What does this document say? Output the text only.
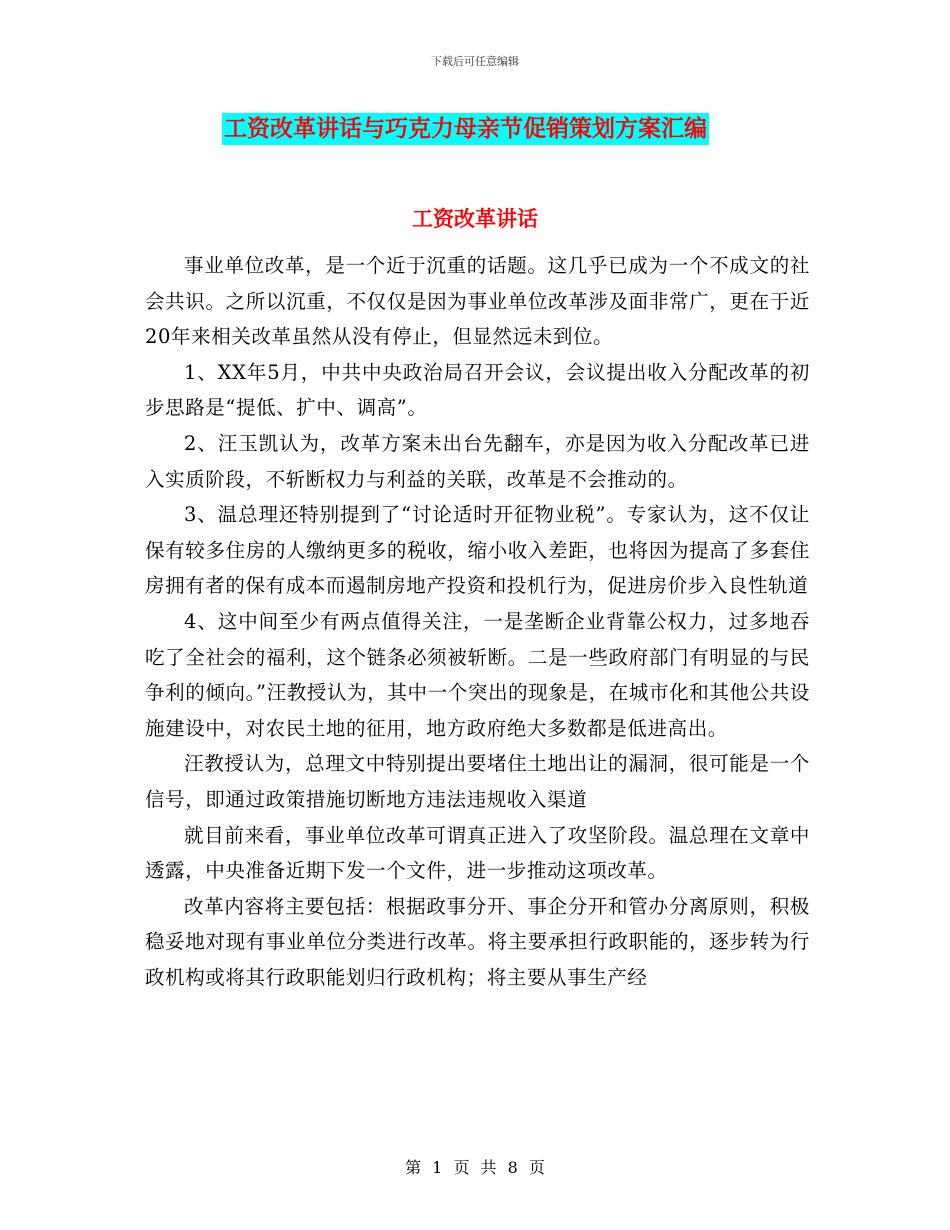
下载后可任意编辑
工资改革讲话与巧克力母亲节促销策划方案汇编
工资改革讲话

事业单位改革，是一个近于沉重的话题。这几乎已成为一个不成文的社会共识。之所以沉重，不仅仅是因为事业单位改革涉及面非常广，更在于近20年来相关改革虽然从没有停止，但显然远未到位。

1、XX年5月，中共中央政治局召开会议，会议提出收入分配改革的初步思路是“提低、扩中、调高”。

2、汪玉凯认为，改革方案未出台先翻车，亦是因为收入分配改革已进入实质阶段，不斩断权力与利益的关联，改革是不会推动的。

3、温总理还特别提到了“讨论适时开征物业税”。专家认为，这不仅让保有较多住房的人缴纳更多的税收，缩小收入差距，也将因为提高了多套住房拥有者的保有成本而遏制房地产投资和投机行为，促进房价步入良性轨道

4、这中间至少有两点值得关注，一是垄断企业背靠公权力，过多地吞吃了全社会的福利，这个链条必须被斩断。二是一些政府部门有明显的与民争利的倾向。”汪教授认为，其中一个突出的现象是，在城市化和其他公共设施建设中，对农民土地的征用，地方政府绝大多数都是低进高出。

汪教授认为，总理文中特别提出要堵住土地出让的漏洞，很可能是一个信号，即通过政策措施切断地方违法违规收入渠道

就目前来看，事业单位改革可谓真正进入了攻坚阶段。温总理在文章中透露，中央准备近期下发一个文件，进一步推动这项改革。

改革内容将主要包括：根据政事分开、事企分开和管办分离原则，积极稳妥地对现有事业单位分类进行改革。将主要承担行政职能的，逐步转为行政机构或将其行政职能划归行政机构；将主要从事生产经

第 1 页 共 8 页
